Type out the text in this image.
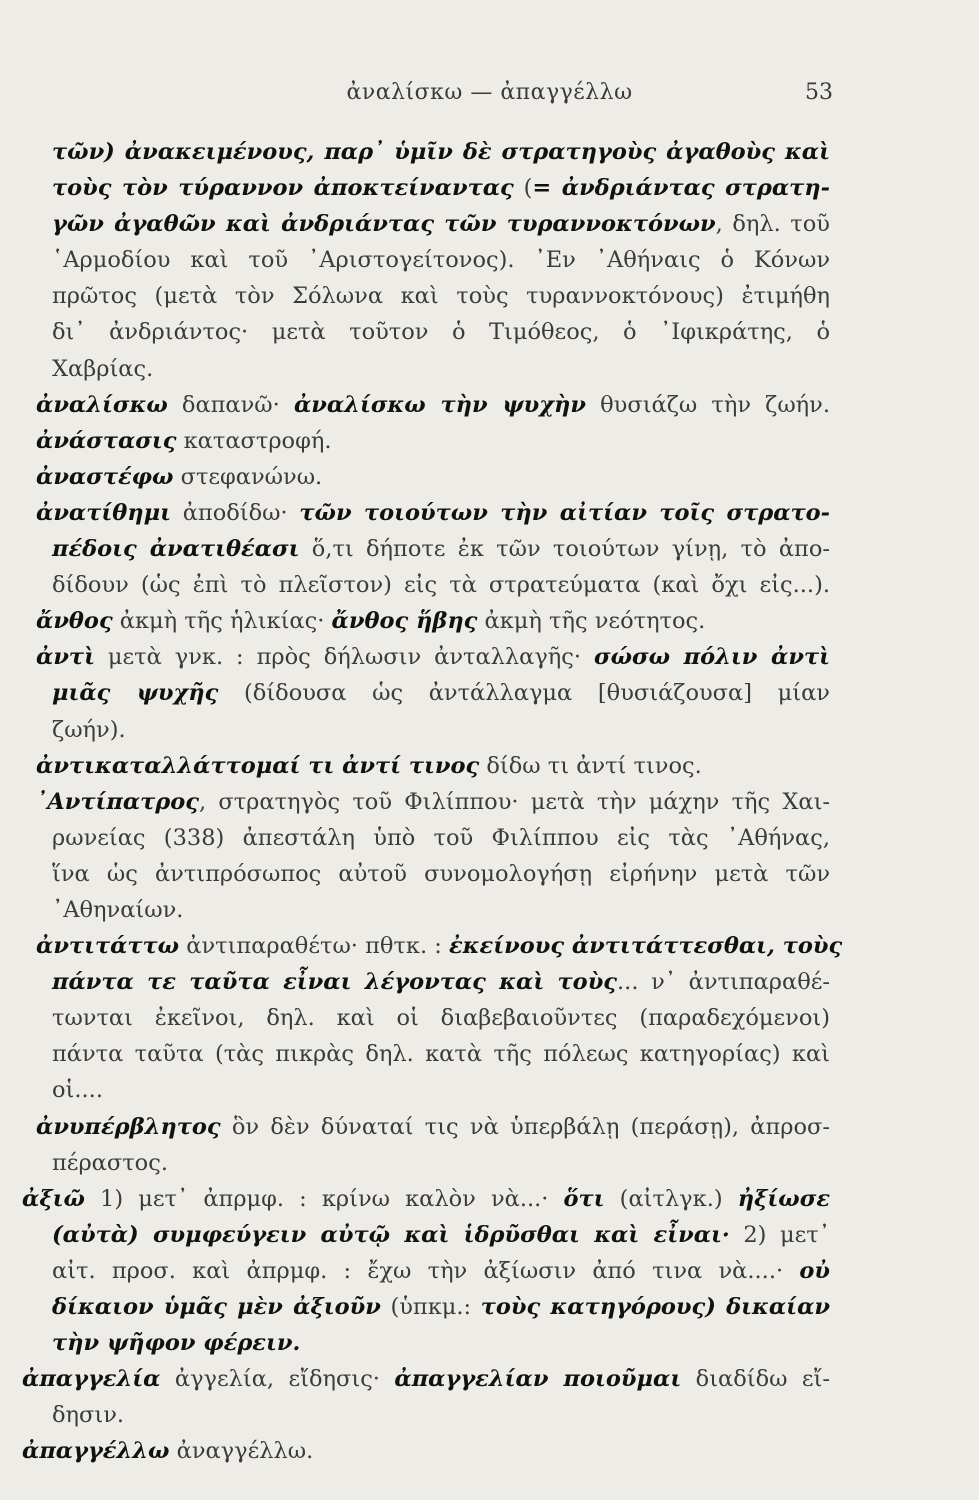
ἀναλίσκω — ἀπαγγέλλω	53
τῶν) ἀνακειμένους, παρ᾽ ὑμῖν δὲ στρατηγοὺς ἀγαθοὺς καὶ
τοὺς τὸν τύραννον ἀποκτείναντας (= ἀνδριάντας στρατη-
γῶν ἀγαθῶν καὶ ἀνδριάντας τῶν τυραννοκτόνων, δηλ. τοῦ
῾Αρμοδίου καὶ τοῦ ᾿Αριστογείτονος). ᾿Εν ᾿Αθήναις ὁ Κόνων
πρῶτος (μετὰ τὸν Σόλωνα καὶ τοὺς τυραννοκτόνους) ἐτιμήθη
δι᾽ ἀνδριάντος· μετὰ τοῦτον ὁ Τιμόθεος, ὁ ᾿Ιφικράτης, ὁ
Χαβρίας.
ἀναλίσκω δαπανῶ· ἀναλίσκω τὴν ψυχὴν θυσιάζω τὴν ζωήν.
ἀνάστασις καταστροφή.
ἀναστέφω στεφανώνω.
ἀνατίθημι ἀποδίδω· τῶν τοιούτων τὴν αἰτίαν τοῖς στρατο-
πέδοις ἀνατιθέασι ὅ,τι δήποτε ἐκ τῶν τοιούτων γίνῃ, τὸ ἀπο-
δίδουν (ὡς ἐπὶ τὸ πλεῖστον) εἰς τὰ στρατεύματα (καὶ ὄχι εἰς...).
ἄνθος ἀκμὴ τῆς ἡλικίας· ἄνθος ἥβης ἀκμὴ τῆς νεότητος.
ἀντὶ μετὰ γνκ. : πρὸς δήλωσιν ἀνταλλαγῆς· σώσω πόλιν ἀντὶ
μιᾶς ψυχῆς (δίδουσα ὡς ἀντάλλαγμα [θυσιάζουσα] μίαν
ζωήν).
ἀντικαταλλάττομαί τι ἀντί τινος δίδω τι ἀντί τινος.
᾿Αντίπατρος, στρατηγὸς τοῦ Φιλίππου· μετὰ τὴν μάχην τῆς Χαι-
ρωνείας (338) ἀπεστάλη ὑπὸ τοῦ Φιλίππου εἰς τὰς ᾿Αθήνας,
ἵνα ὡς ἀντιπρόσωπος αὐτοῦ συνομολογήσῃ εἰρήνην μετὰ τῶν
᾿Αθηναίων.
ἀντιτάττω ἀντιπαραθέτω· πθτκ. : ἐκείνους ἀντιτάττεσθαι, τοὺς
πάντα τε ταῦτα εἶναι λέγοντας καὶ τοὺς... ν᾽ ἀντιπαραθέ-
τωνται ἐκεῖνοι, δηλ. καὶ οἱ διαβεβαιοῦντες (παραδεχόμενοι)
πάντα ταῦτα (τὰς πικρὰς δηλ. κατὰ τῆς πόλεως κατηγορίας) καὶ
οἱ....
ἀνυπέρβλητος ὃν δὲν δύναταί τις νὰ ὑπερβάλῃ (περάσῃ), ἀπροσ-
πέραστος.
ἀξιῶ 1) μετ᾽ ἀπρμφ. : κρίνω καλὸν νὰ...· ὅτι (αἰτλγκ.) ἠξίωσε
(αὐτὰ) συμφεύγειν αὐτῷ καὶ ἱδρῦσθαι καὶ εἶναι· 2) μετ᾽
αἰτ. προσ. καὶ ἀπρμφ. : ἔχω τὴν ἀξίωσιν ἀπό τινα νὰ....· οὐ
δίκαιον ὑμᾶς μὲν ἀξιοῦν (ὑπκμ.: τοὺς κατηγόρους) δικαίαν
τὴν ψῆφον φέρειν.
ἀπαγγελία ἀγγελία, εἴδησις· ἀπαγγελίαν ποιοῦμαι διαδίδω εἴ-
δησιν.
ἀπαγγέλλω ἀναγγέλλω.
